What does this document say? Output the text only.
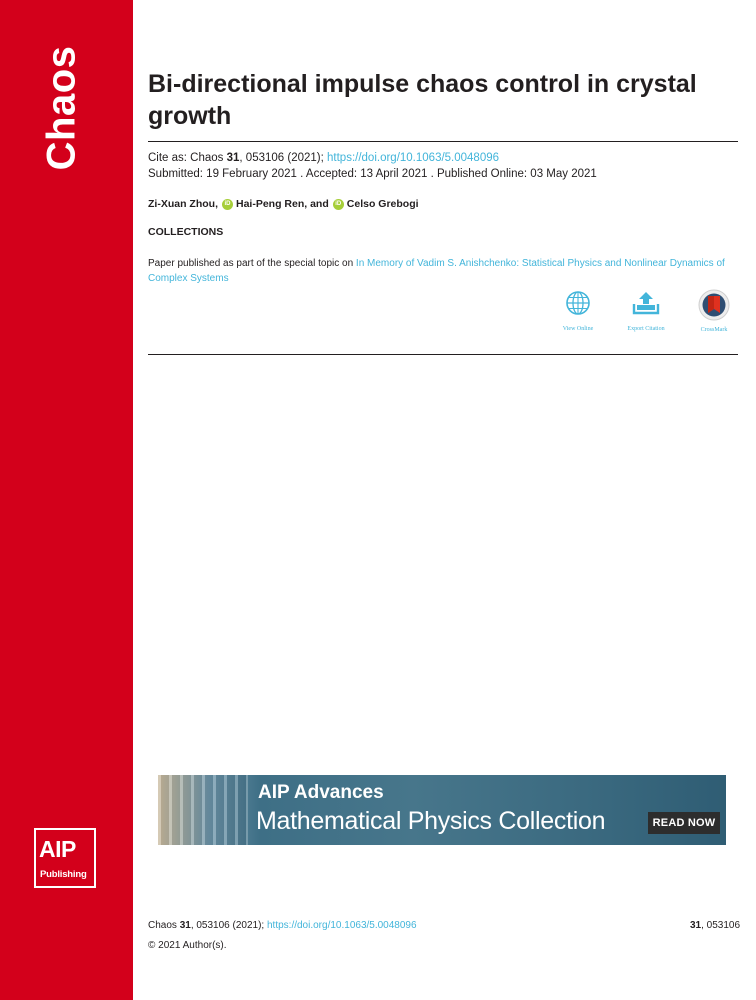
Chaos
AIP
Publishing
Bi-directional impulse chaos control in crystal growth
Cite as: Chaos 31, 053106 (2021); https://doi.org/10.1063/5.0048096
Submitted: 19 February 2021 . Accepted: 13 April 2021 . Published Online: 03 May 2021
Zi-Xuan Zhou,	iD Hai-Peng Ren, and	iD Celso Grebogi
COLLECTIONS
Paper published as part of the special topic on In Memory of Vadim S. Anishchenko: Statistical Physics and Nonlinear Dynamics of Complex Systems
View Online	Export Citation	CrossMark
AIP Advances
Mathematical Physics Collection	READ NOW
Chaos 31, 053106 (2021); https://doi.org/10.1063/5.0048096	31, 053106
© 2021 Author(s).
